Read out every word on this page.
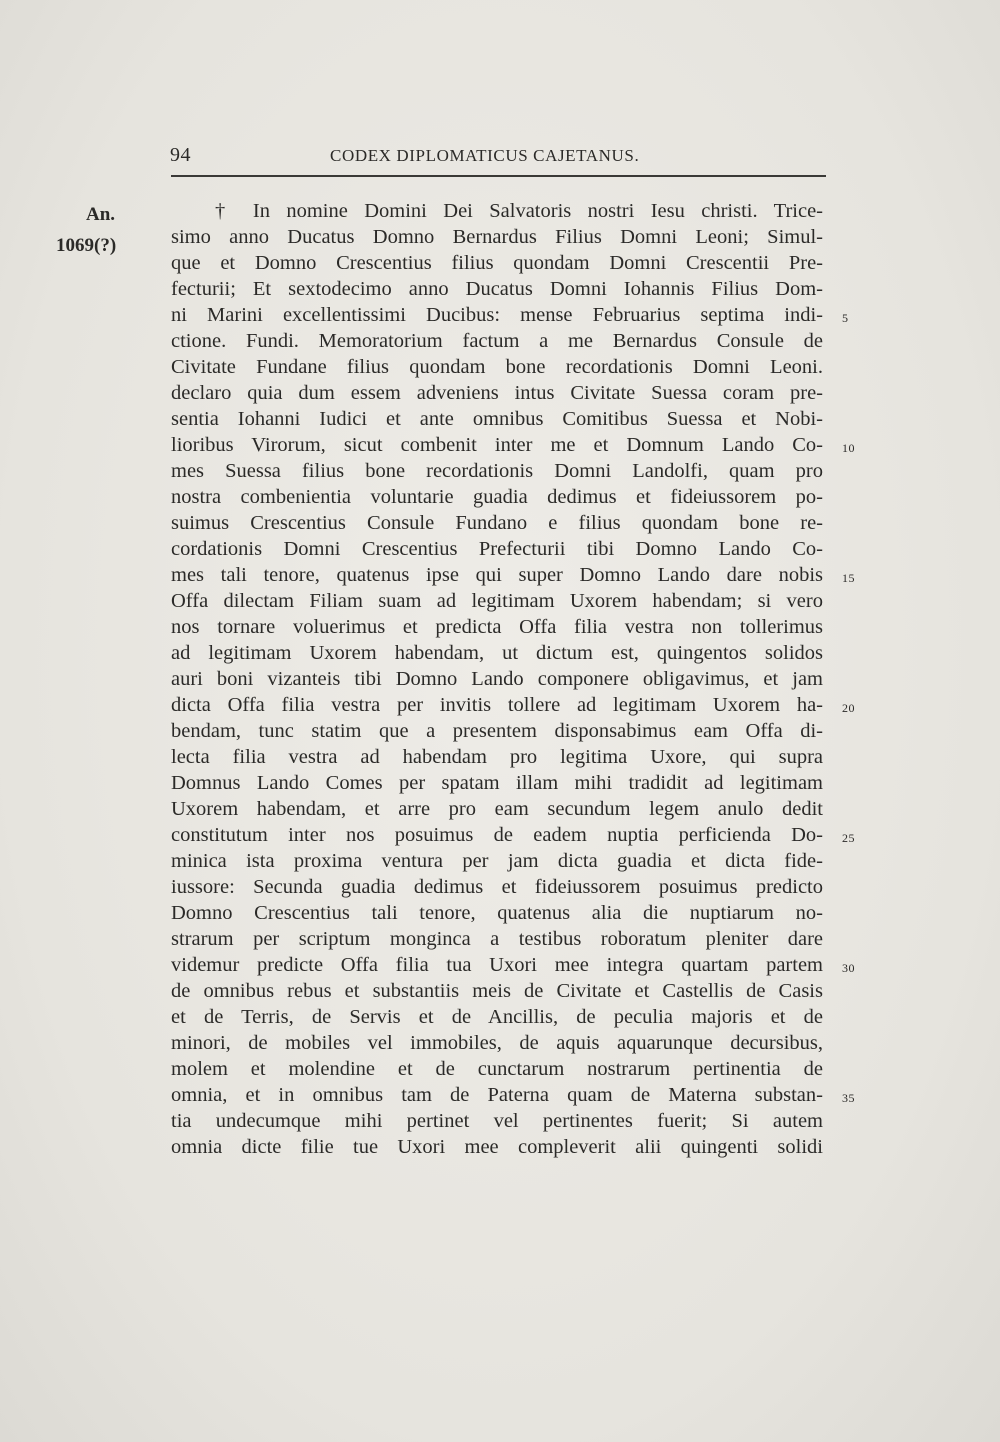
94	CODEX DIPLOMATICUS CAJETANUS.
An.
1069(?)
† In nomine Domini Dei Salvatoris nostri Iesu christi. Trice-
simo anno Ducatus Domno Bernardus Filius Domni Leoni; Simul-
que et Domno Crescentius filius quondam Domni Crescentii Pre-
fecturii; Et sextodecimo anno Ducatus Domni Iohannis Filius Dom-
ni Marini excellentissimi Ducibus: mense Februarius septima indi-
ctione. Fundi. Memoratorium factum a me Bernardus Consule de
Civitate Fundane filius quondam bone recordationis Domni Leoni.
declaro quia dum essem adveniens intus Civitate Suessa coram pre-
sentia Iohanni Iudici et ante omnibus Comitibus Suessa et Nobi-
lioribus Virorum, sicut combenit inter me et Domnum Lando Co-
mes Suessa filius bone recordationis Domni Landolfi, quam pro
nostra combenientia voluntarie guadia dedimus et fideiussorem po-
suimus Crescentius Consule Fundano e filius quondam bone re-
cordationis Domni Crescentius Prefecturii tibi Domno Lando Co-
mes tali tenore, quatenus ipse qui super Domno Lando dare nobis
Offa dilectam Filiam suam ad legitimam Uxorem habendam; si vero
nos tornare voluerimus et predicta Offa filia vestra non tollerimus
ad legitimam Uxorem habendam, ut dictum est, quingentos solidos
auri boni vizanteis tibi Domno Lando componere obligavimus, et jam
dicta Offa filia vestra per invitis tollere ad legitimam Uxorem ha-
bendam, tunc statim que a presentem disponsabimus eam Offa di-
lecta filia vestra ad habendam pro legitima Uxore, qui supra
Domnus Lando Comes per spatam illam mihi tradidit ad legitimam
Uxorem habendam, et arre pro eam secundum legem anulo dedit
constitutum inter nos posuimus de eadem nuptia perficienda Do-
minica ista proxima ventura per jam dicta guadia et dicta fide-
iussore: Secunda guadia dedimus et fideiussorem posuimus predicto
Domno Crescentius tali tenore, quatenus alia die nuptiarum no-
strarum per scriptum monginca a testibus roboratum pleniter dare
videmur predicte Offa filia tua Uxori mee integra quartam partem
de omnibus rebus et substantiis meis de Civitate et Castellis de Casis
et de Terris, de Servis et de Ancillis, de peculia majoris et de
minori, de mobiles vel immobiles, de aquis aquarunque decursibus,
molem et molendine et de cunctarum nostrarum pertinentia de
omnia, et in omnibus tam de Paterna quam de Materna substan-
tia undecumque mihi pertinet vel pertinentes fuerit; Si autem
omnia dicte filie tue Uxori mee compleverit alii quingenti solidi
5
10
15
20
25
30
35
